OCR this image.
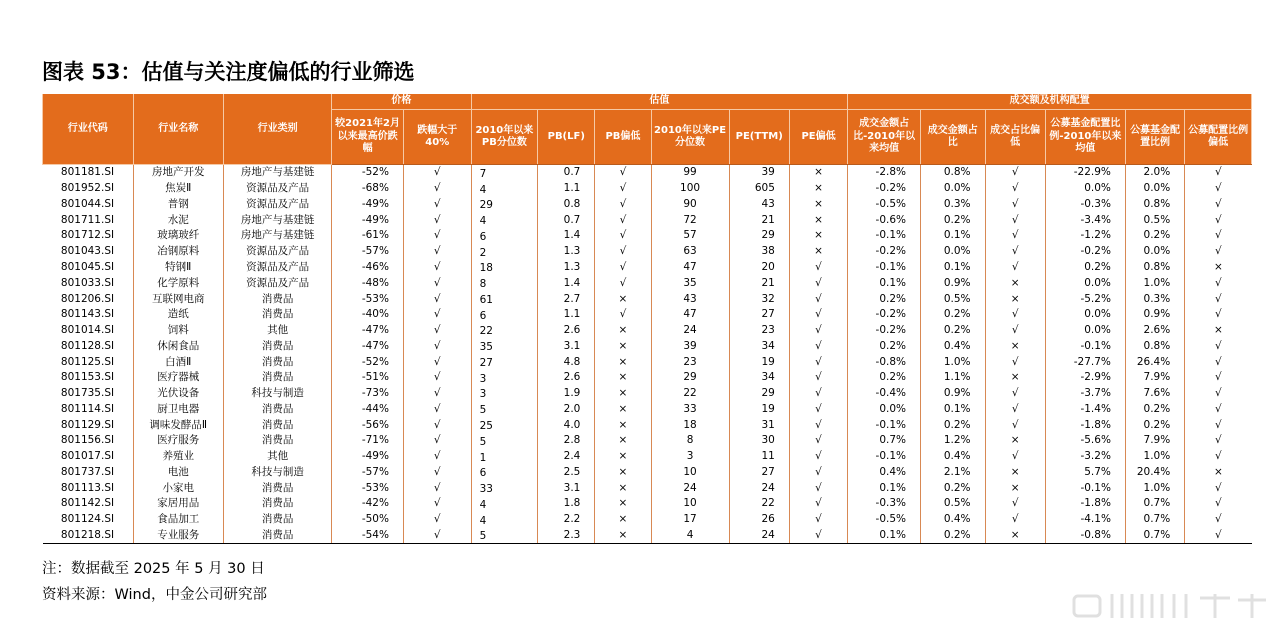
图表 53：估值与关注度偏低的行业筛选
行业代码	行业名称	行业类别	价格		估值						成交额及机构配置					
			较2021年2月以来最高价跌幅	跌幅大于40%	2010年以来PB分位数	PB(LF)	PB偏低	2010年以来PE分位数	PE(TTM)	PE偏低	成交金额占比-2010年以来均值	成交金额占比	成交占比偏低	公募基金配置比例-2010年以来均值	公募基金配置比例	公募配置比例偏低
801181.SI	房地产开发	房地产与基建链	-52%	√	7	0.7	√	99	39	×	-2.8%	0.8%	√	-22.9%	2.0%	√
801952.SI	焦炭Ⅱ	资源品及产品	-68%	√	4	1.1	√	100	605	×	-0.2%	0.0%	√	0.0%	0.0%	√
801044.SI	普钢	资源品及产品	-49%	√	29	0.8	√	90	43	×	-0.5%	0.3%	√	-0.3%	0.8%	√
801711.SI	水泥	房地产与基建链	-49%	√	4	0.7	√	72	21	×	-0.6%	0.2%	√	-3.4%	0.5%	√
801712.SI	玻璃玻纤	房地产与基建链	-61%	√	6	1.4	√	57	29	×	-0.1%	0.1%	√	-1.2%	0.2%	√
801043.SI	冶钢原料	资源品及产品	-57%	√	2	1.3	√	63	38	×	-0.2%	0.0%	√	-0.2%	0.0%	√
801045.SI	特钢Ⅱ	资源品及产品	-46%	√	18	1.3	√	47	20	√	-0.1%	0.1%	√	0.2%	0.8%	×
801033.SI	化学原料	资源品及产品	-48%	√	8	1.4	√	35	21	√	0.1%	0.9%	×	0.0%	1.0%	√
801206.SI	互联网电商	消费品	-53%	√	61	2.7	×	43	32	√	0.2%	0.5%	×	-5.2%	0.3%	√
801143.SI	造纸	消费品	-40%	√	6	1.1	√	47	27	√	-0.2%	0.2%	√	0.0%	0.9%	√
801014.SI	饲料	其他	-47%	√	22	2.6	×	24	23	√	-0.2%	0.2%	√	0.0%	2.6%	×
801128.SI	休闲食品	消费品	-47%	√	35	3.1	×	39	34	√	0.2%	0.4%	×	-0.1%	0.8%	√
801125.SI	白酒Ⅱ	消费品	-52%	√	27	4.8	×	23	19	√	-0.8%	1.0%	√	-27.7%	26.4%	√
801153.SI	医疗器械	消费品	-51%	√	3	2.6	×	29	34	√	0.2%	1.1%	×	-2.9%	7.9%	√
801735.SI	光伏设备	科技与制造	-73%	√	3	1.9	×	22	29	√	-0.4%	0.9%	√	-3.7%	7.6%	√
801114.SI	厨卫电器	消费品	-44%	√	5	2.0	×	33	19	√	0.0%	0.1%	√	-1.4%	0.2%	√
801129.SI	调味发酵品Ⅱ	消费品	-56%	√	25	4.0	×	18	31	√	-0.1%	0.2%	√	-1.8%	0.2%	√
801156.SI	医疗服务	消费品	-71%	√	5	2.8	×	8	30	√	0.7%	1.2%	×	-5.6%	7.9%	√
801017.SI	养殖业	其他	-49%	√	1	2.4	×	3	11	√	-0.1%	0.4%	√	-3.2%	1.0%	√
801737.SI	电池	科技与制造	-57%	√	6	2.5	×	10	27	√	0.4%	2.1%	×	5.7%	20.4%	×
801113.SI	小家电	消费品	-53%	√	33	3.1	×	24	24	√	0.1%	0.2%	×	-0.1%	1.0%	√
801142.SI	家居用品	消费品	-42%	√	4	1.8	×	10	22	√	-0.3%	0.5%	√	-1.8%	0.7%	√
801124.SI	食品加工	消费品	-50%	√	4	2.2	×	17	26	√	-0.5%	0.4%	√	-4.1%	0.7%	√
801218.SI	专业服务	消费品	-54%	√	5	2.3	×	4	24	√	0.1%	0.2%	×	-0.8%	0.7%	√
注：数据截至 2025 年 5 月 30 日
资料来源：Wind，中金公司研究部
